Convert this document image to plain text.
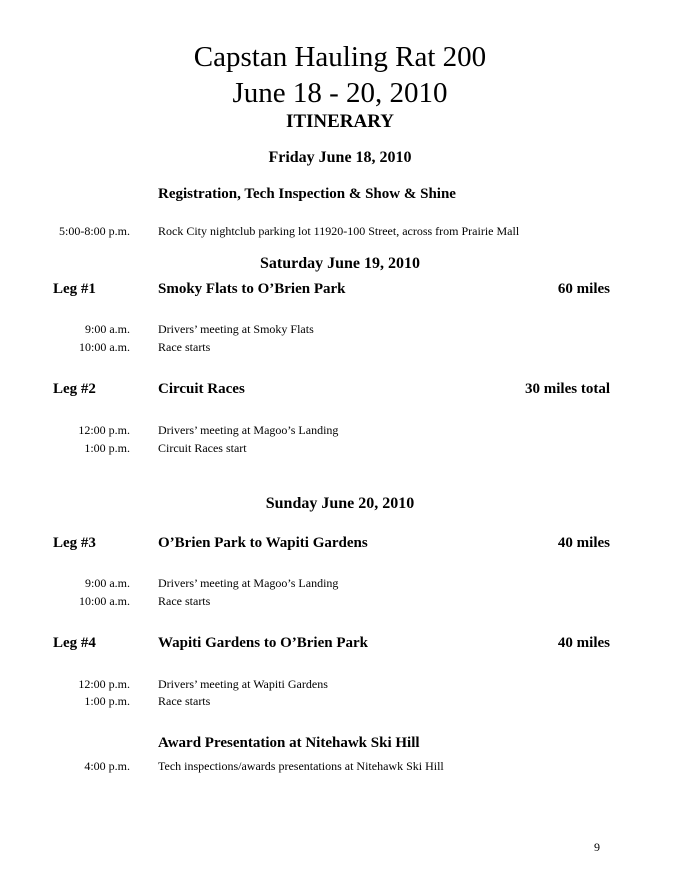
Capstan Hauling Rat 200
June 18 - 20, 2010
ITINERARY
Friday June 18, 2010
Registration, Tech Inspection & Show & Shine
5:00-8:00 p.m. Rock City nightclub parking lot 11920-100 Street, across from Prairie Mall
Saturday June 19, 2010
Leg #1	Smoky Flats to O’Brien Park	60 miles
9:00 a.m. Drivers’ meeting at Smoky Flats
10:00 a.m. Race starts
Leg #2	Circuit Races	30 miles total
12:00 p.m. Drivers’ meeting at Magoo’s Landing
1:00 p.m. Circuit Races start
Sunday June 20, 2010
Leg #3	O’Brien Park to Wapiti Gardens	40 miles
9:00 a.m. Drivers’ meeting at Magoo’s Landing
10:00 a.m. Race starts
Leg #4	Wapiti Gardens to O’Brien Park	40 miles
12:00 p.m. Drivers’ meeting at Wapiti Gardens
1:00 p.m. Race starts
Award Presentation at Nitehawk Ski Hill
4:00 p.m. Tech inspections/awards presentations at Nitehawk Ski Hill
9
